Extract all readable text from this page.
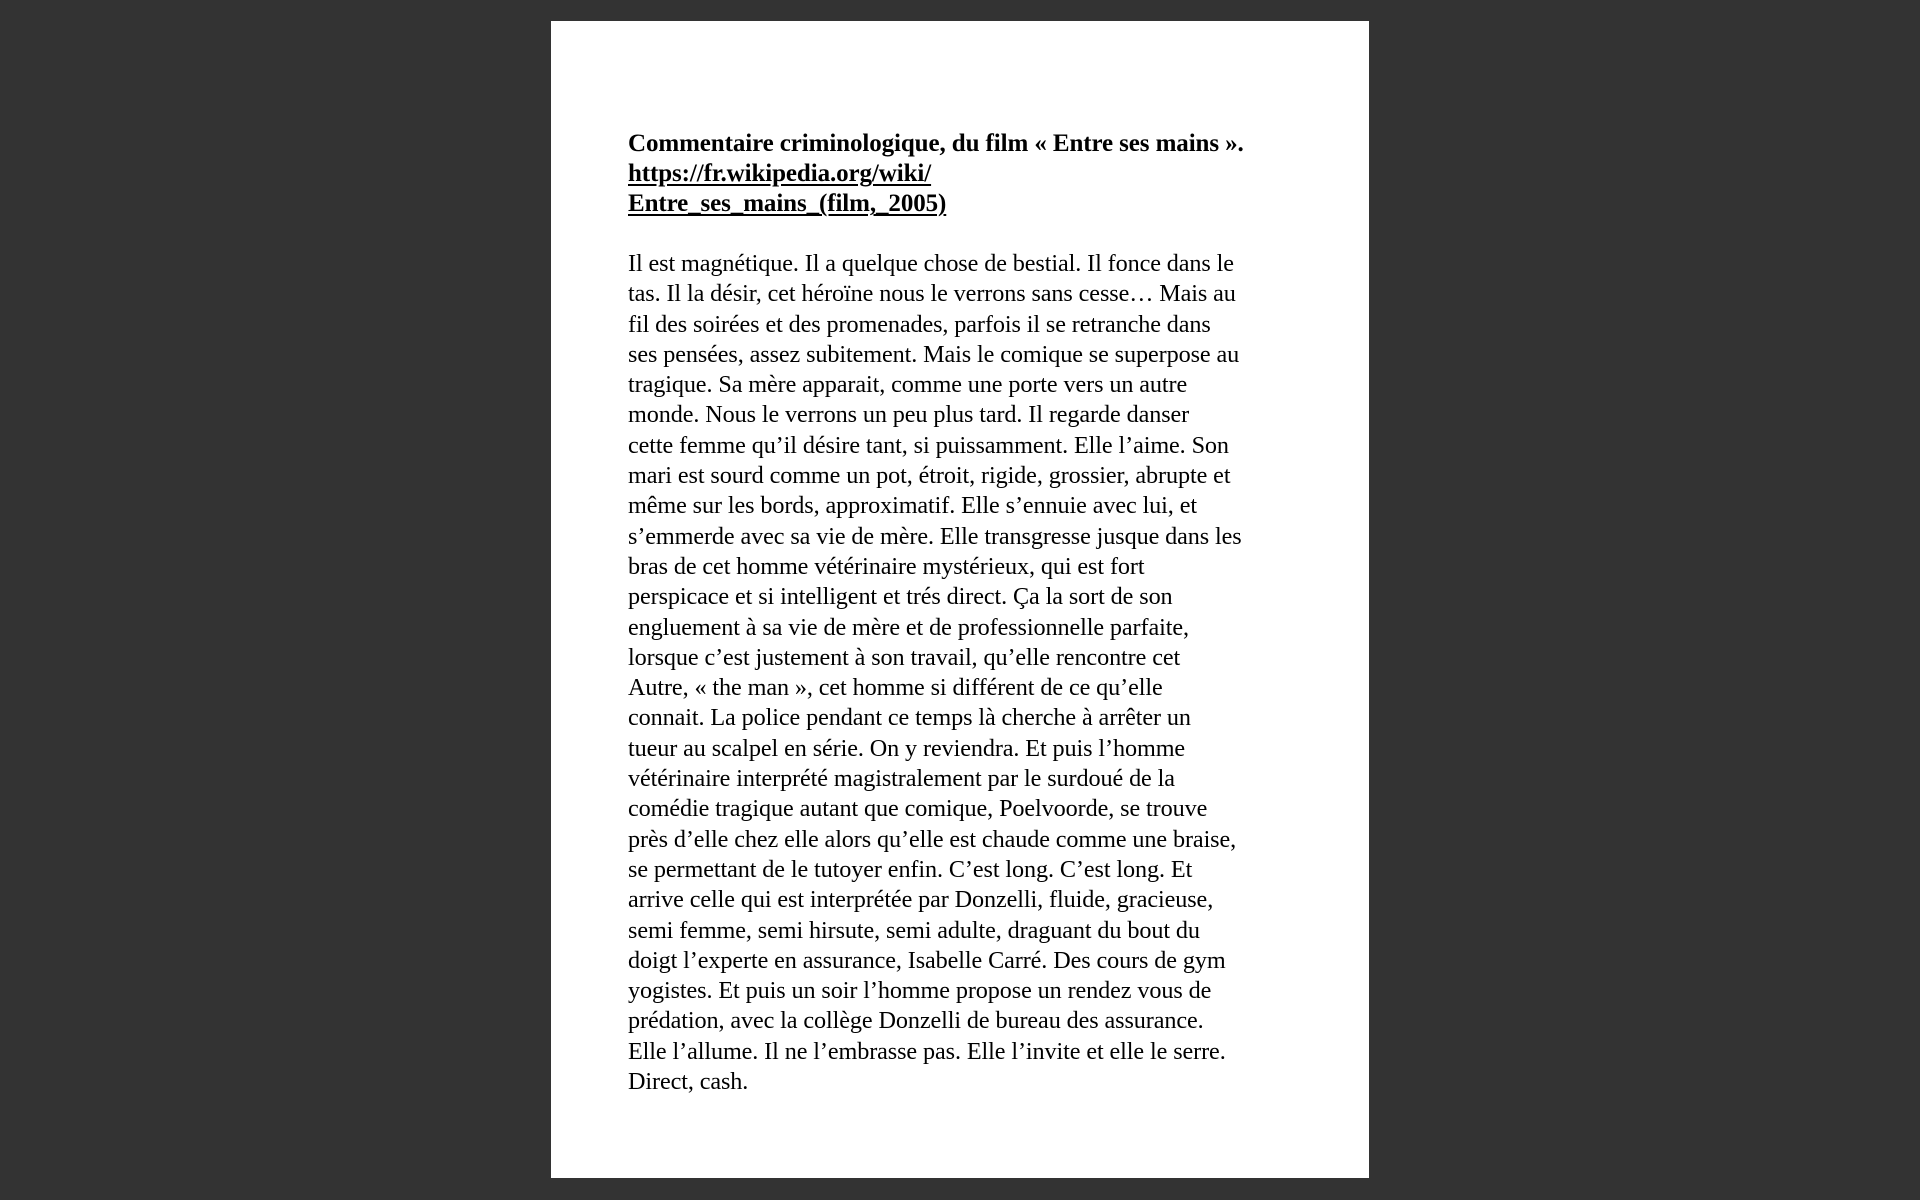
Commentaire criminologique, du film « Entre ses mains ». https://fr.wikipedia.org/wiki/
Entre_ses_mains_(film,_2005)

Il est magnétique. Il a quelque chose de bestial. Il fonce dans le
tas. Il la désir, cet héroïne nous le verrons sans cesse… Mais au
fil des soirées et des promenades, parfois il se retranche dans
ses pensées, assez subitement. Mais le comique se superpose au
tragique. Sa mère apparait, comme une porte vers un autre
monde. Nous le verrons un peu plus tard. Il regarde danser
cette femme qu’il désire tant, si puissamment. Elle l’aime. Son
mari est sourd comme un pot, étroit, rigide, grossier, abrupte et
même sur les bords, approximatif. Elle s’ennuie avec lui, et
s’emmerde avec sa vie de mère. Elle transgresse jusque dans les
bras de cet homme vétérinaire mystérieux, qui est fort
perspicace et si intelligent et trés direct. Ça la sort de son
engluement à sa vie de mère et de professionnelle parfaite,
lorsque c’est justement à son travail, qu’elle rencontre cet
Autre, « the man », cet homme si différent de ce qu’elle
connait. La police pendant ce temps là cherche à arrêter un
tueur au scalpel en série. On y reviendra. Et puis l’homme
vétérinaire interprété magistralement par le surdoué de la
comédie tragique autant que comique, Poelvoorde, se trouve
près d’elle chez elle alors qu’elle est chaude comme une braise,
se permettant de le tutoyer enfin. C’est long. C’est long. Et
arrive celle qui est interprétée par Donzelli, fluide, gracieuse,
semi femme, semi hirsute, semi adulte, draguant du bout du
doigt l’experte en assurance, Isabelle Carré. Des cours de gym
yogistes. Et puis un soir l’homme propose un rendez vous de
prédation, avec la collège Donzelli de bureau des assurance.
Elle l’allume. Il ne l’embrasse pas. Elle l’invite et elle le serre.
Direct, cash.
